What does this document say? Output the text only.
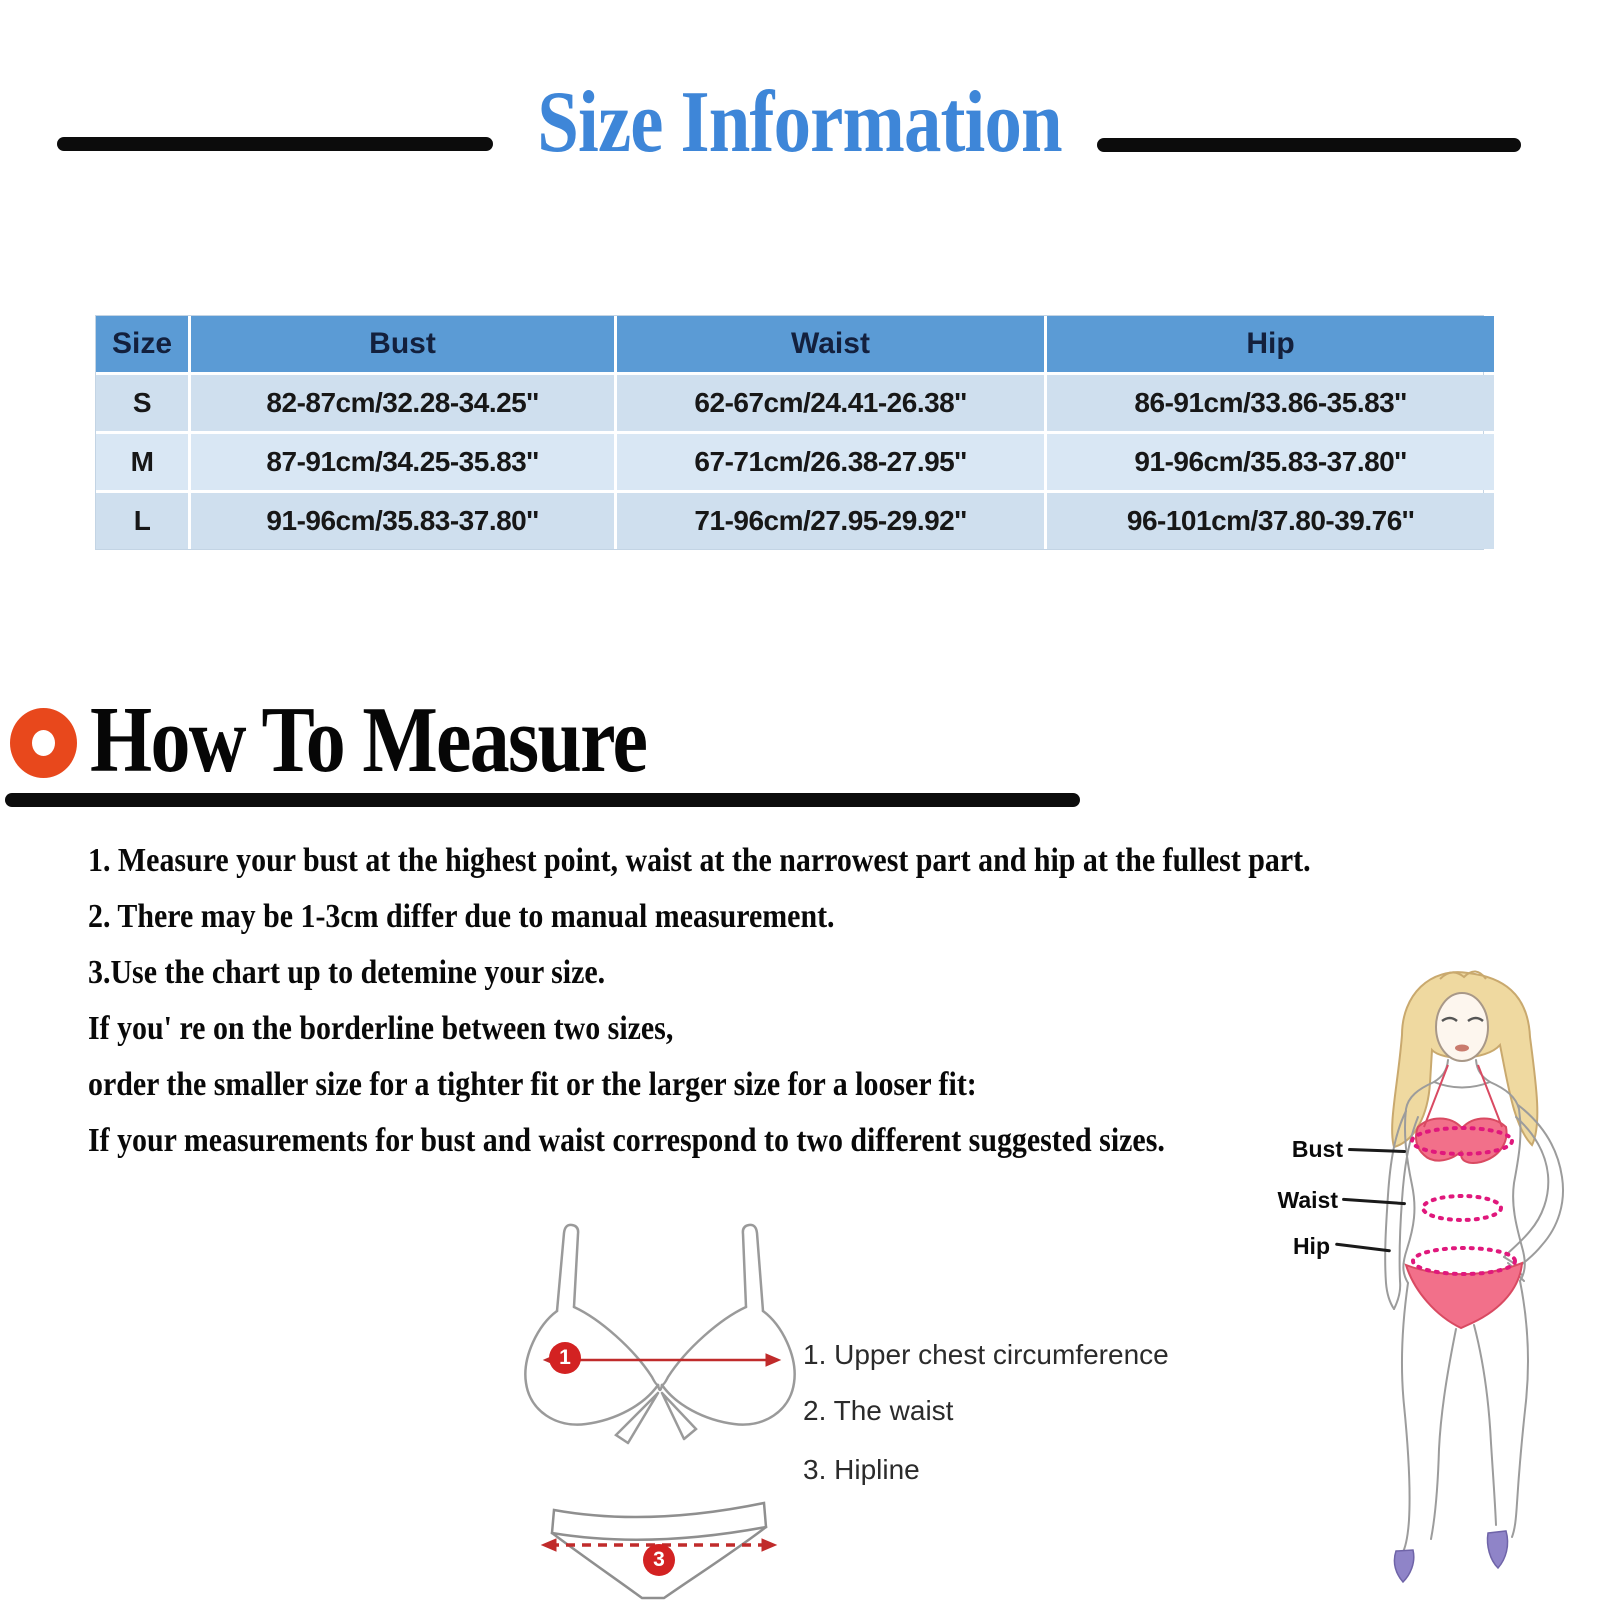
Size Information
Size	Bust	Waist	Hip
S	82-87cm/32.28-34.25''	62-67cm/24.41-26.38''	86-91cm/33.86-35.83''
M	87-91cm/34.25-35.83''	67-71cm/26.38-27.95''	91-96cm/35.83-37.80''
L	91-96cm/35.83-37.80''	71-96cm/27.95-29.92''	96-101cm/37.80-39.76''
How To Measure
1. Measure your bust at the highest point, waist at the narrowest part and hip at the fullest part.
2. There may be 1-3cm differ due to manual measurement.
3.Use the chart up to detemine your size.
If you' re on the borderline between two sizes,
order the smaller size for a tighter fit or the larger size for a looser fit:
If your measurements for bust and waist correspond to two different suggested sizes.
1	1. Upper chest circumference
2. The waist
3. Hipline
3
Bust
Waist
Hip
